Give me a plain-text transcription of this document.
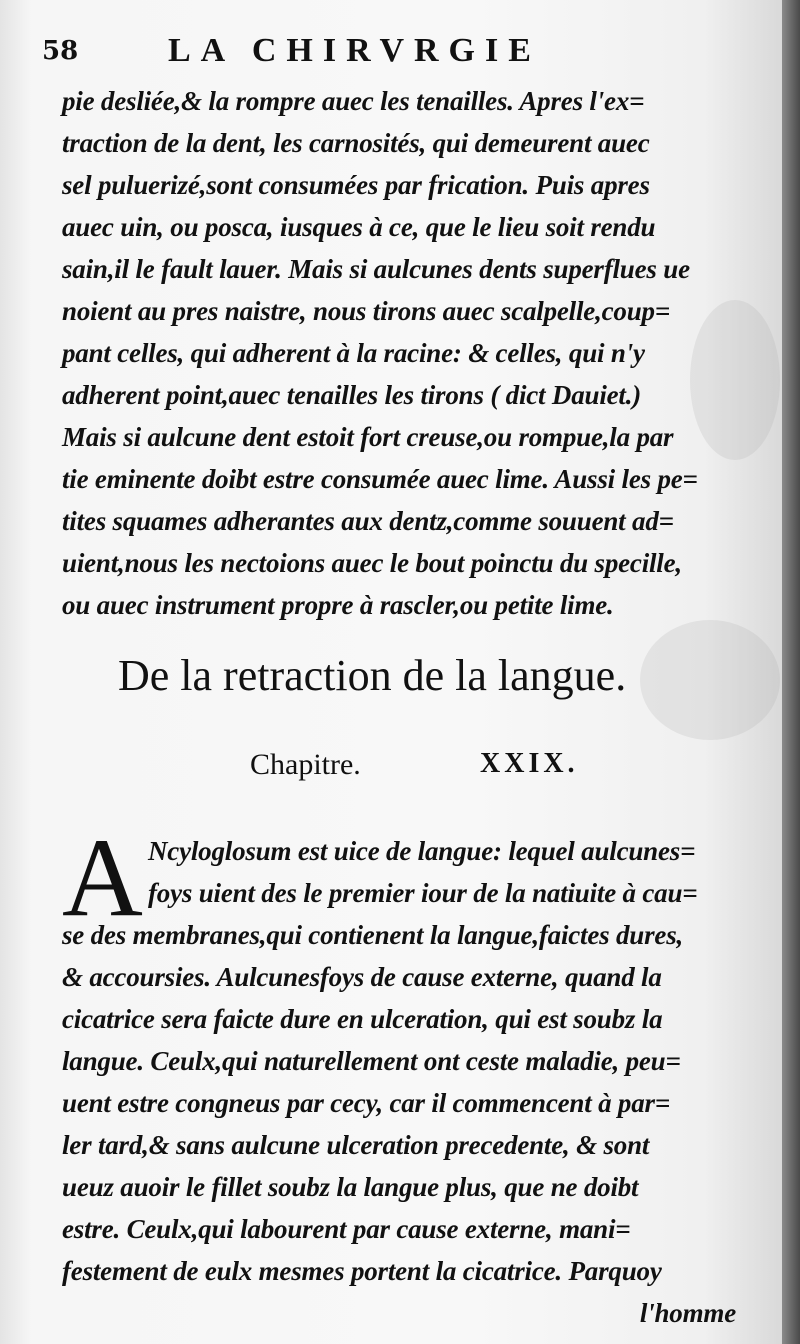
58	LA CHIRVRGIE
pie desliée,& la rompre auec les tenailles. Apres l'ex=
traction de la dent, les carnosités, qui demeurent auec
sel puluerizé,sont consumées par frication. Puis apres
auec uin, ou posca, iusques à ce, que le lieu soit rendu
sain,il le fault lauer. Mais si aulcunes dents superflues ue
noient au pres naistre, nous tirons auec scalpelle,coup=
pant celles, qui adherent à la racine: & celles, qui n'y
adherent point,auec tenailles les tirons ( dict Dauiet.)
Mais si aulcune dent estoit fort creuse,ou rompue,la par
tie eminente doibt estre consumée auec lime. Aussi les pe=
tites squames adherantes aux dentz,comme souuent ad=
uient,nous les nectoions auec le bout poinctu du specille,
ou auec instrument propre à rascler,ou petite lime.
De la retraction de la langue.
Chapitre.	XXIX.
A Ncyloglosum est uice de langue: lequel aulcunes=
foys uient des le premier iour de la natiuite à cau=
se des membranes,qui contienent la langue,faictes dures,
& accoursies. Aulcunesfoys de cause externe, quand la
cicatrice sera faicte dure en ulceration, qui est soubz la
langue. Ceulx,qui naturellement ont ceste maladie, peu=
uent estre congneus par cecy, car il commencent à par=
ler tard,& sans aulcune ulceration precedente, & sont
ueuz auoir le fillet soubz la langue plus, que ne doibt
estre. Ceulx,qui labourent par cause externe, mani=
festement de eulx mesmes portent la cicatrice. Parquoy
l'homme
